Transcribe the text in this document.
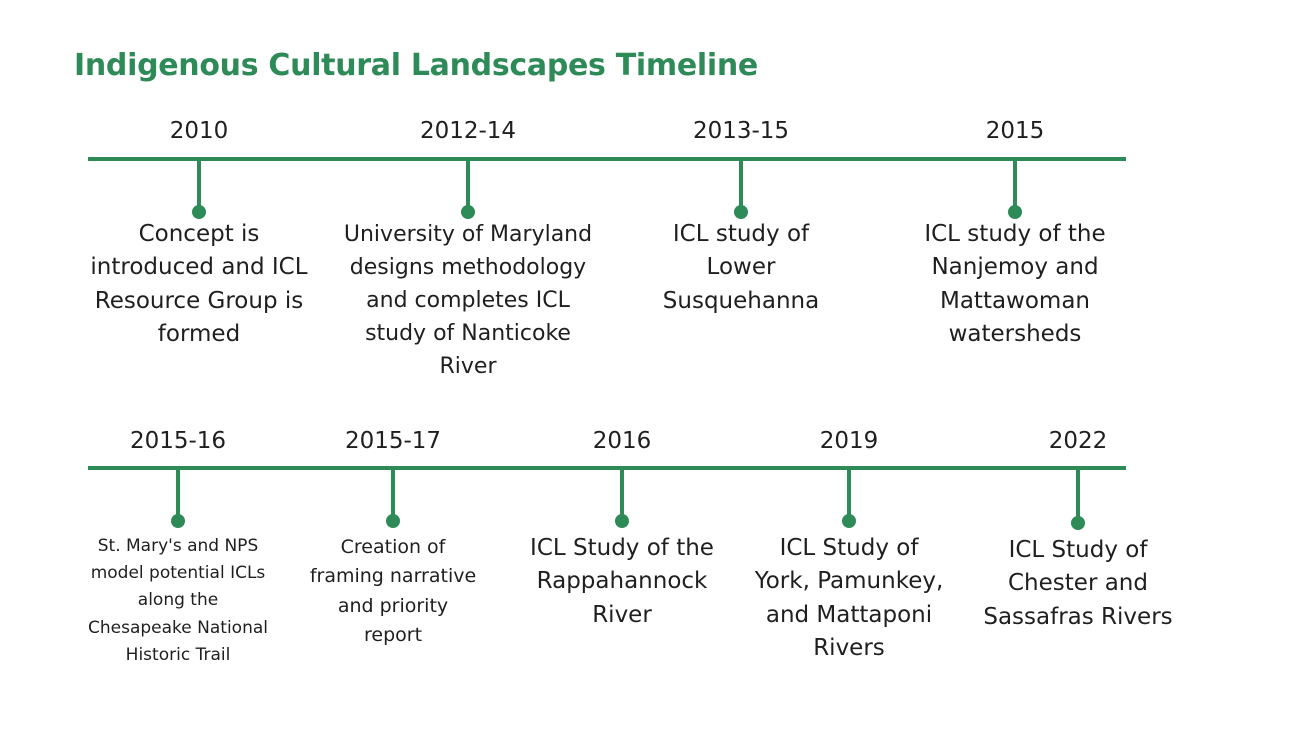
Indigenous Cultural Landscapes Timeline
2010
Concept is
introduced and ICL
Resource Group is
formed
2012-14
University of Maryland
designs methodology
and completes ICL
study of Nanticoke
River
2013-15
ICL study of
Lower
Susquehanna
2015
ICL study of the
Nanjemoy and
Mattawoman
watersheds
2015-16
St. Mary's and NPS
model potential ICLs
along the
Chesapeake National
Historic Trail
2015-17
Creation of
framing narrative
and priority
report
2016
ICL Study of the
Rappahannock
River
2019
ICL Study of
York, Pamunkey,
and Mattaponi
Rivers
2022
ICL Study of
Chester and
Sassafras Rivers
